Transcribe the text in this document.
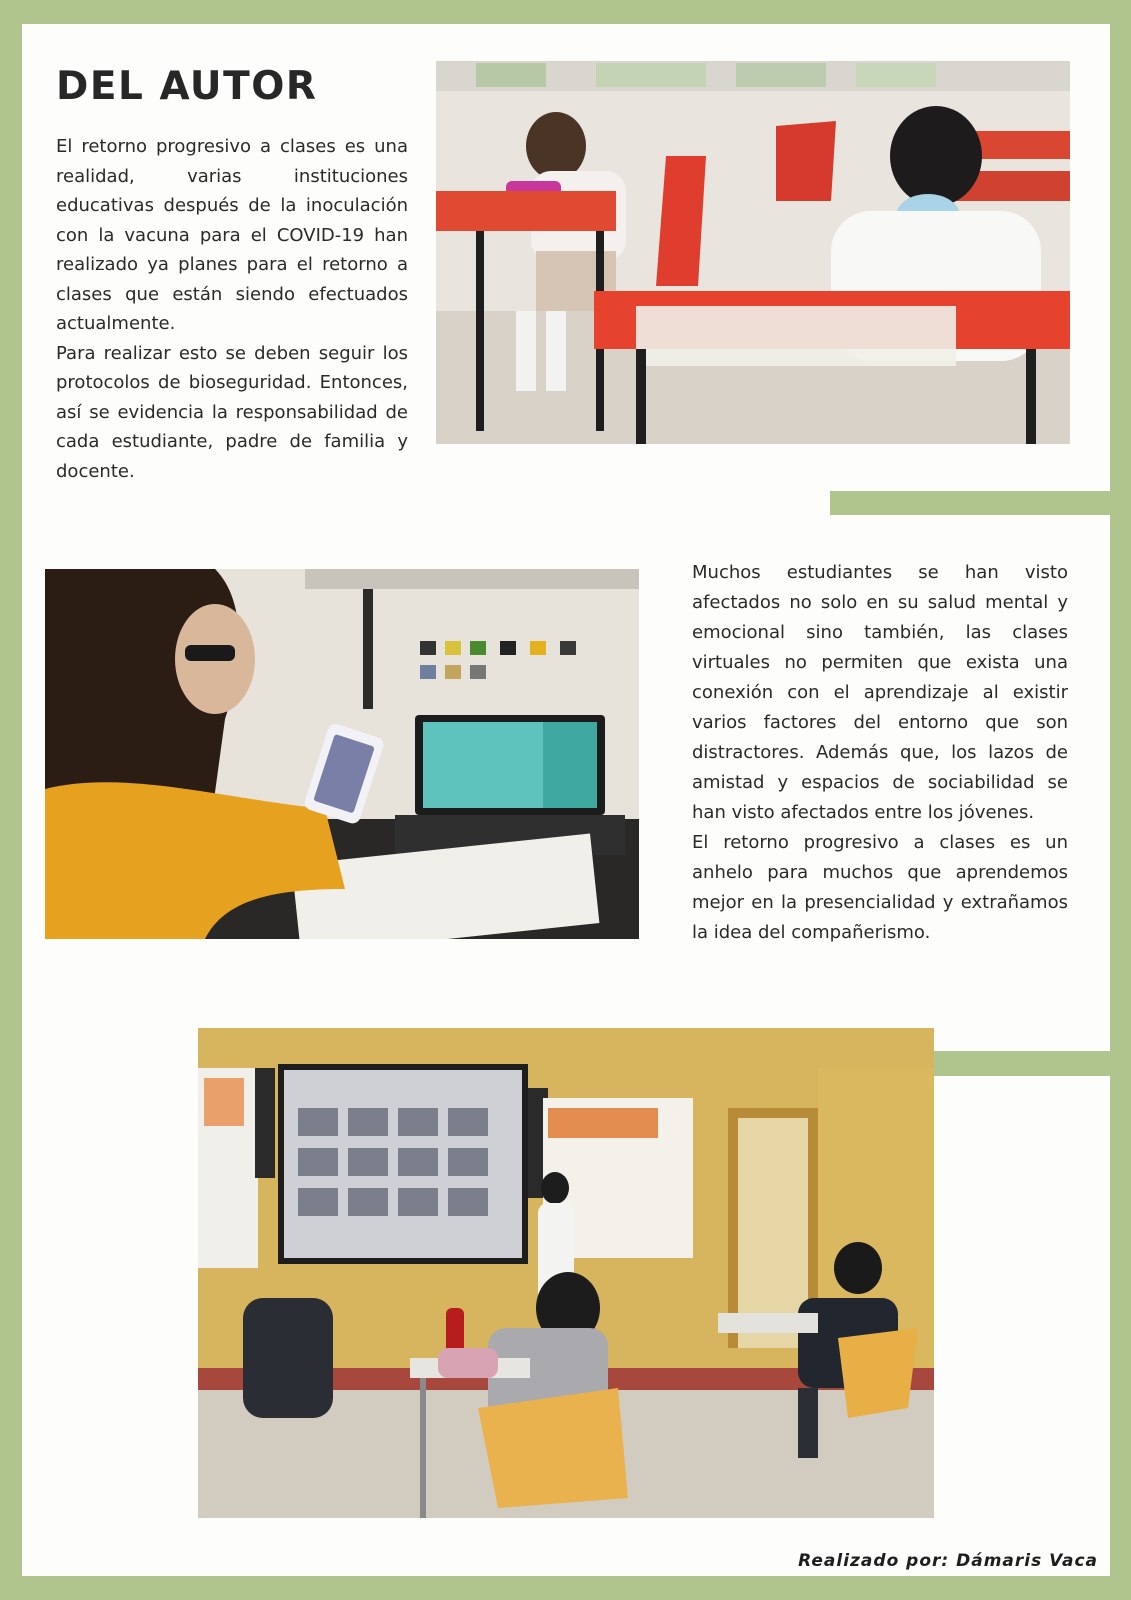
DEL AUTOR

El retorno progresivo a clases es una realidad, varias instituciones educativas después de la inoculación con la vacuna para el COVID-19 han realizado ya planes para el retorno a clases que están siendo efectuados actualmente.

Para realizar esto se deben seguir los protocolos de bioseguridad. Entonces, así se evidencia la responsabilidad de cada estudiante, padre de familia y docente.

Muchos estudiantes se han visto afectados no solo en su salud mental y emocional sino también, las clases virtuales no permiten que exista una conexión con el aprendizaje al existir varios factores del entorno que son distractores. Además que, los lazos de amistad y espacios de sociabilidad se han visto afectados entre los jóvenes.

El retorno progresivo a clases es un anhelo para muchos que aprendemos mejor en la presencialidad y extrañamos la idea del compañerismo.

Realizado por: Dámaris Vaca
